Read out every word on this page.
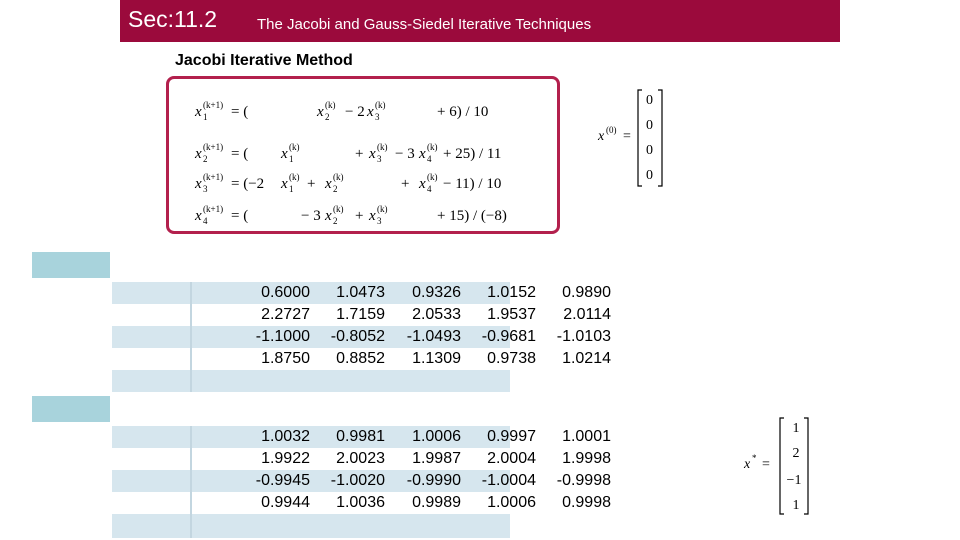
Sec:11.2	The Jacobi and Gauss-Siedel Iterative Techniques
Jacobi Iterative Method
x 1
(k+1) = (	x 2
(k) − 2 x 3
(k)	+ 6) / 10
x 2
(k+1) = ( x 1
(k)	+ x 3
(k) − 3 x 4
(k) + 25) / 11
x 3
(k+1) = (−2 x 1
(k) + x 2
(k)	+ x 4
(k) − 11) / 10
x 4
(k+1) = (	− 3 x 2
(k) + x 3
(k)	+ 15) / (−8)
x (0) =
0
0
0
0
0.6000	1.0473	0.9326	1.0152	0.9890
2.2727	1.7159	2.0533	1.9537	2.0114
-1.1000	-0.8052	-1.0493	-0.9681	-1.0103
1.8750	0.8852	1.1309	0.9738	1.0214
1.0032	0.9981	1.0006	0.9997	1.0001
1.9922	2.0023	1.9987	2.0004	1.9998
-0.9945	-1.0020	-0.9990	-1.0004	-0.9998
0.9944	1.0036	0.9989	1.0006	0.9998
x * =
1
2
−1
1
